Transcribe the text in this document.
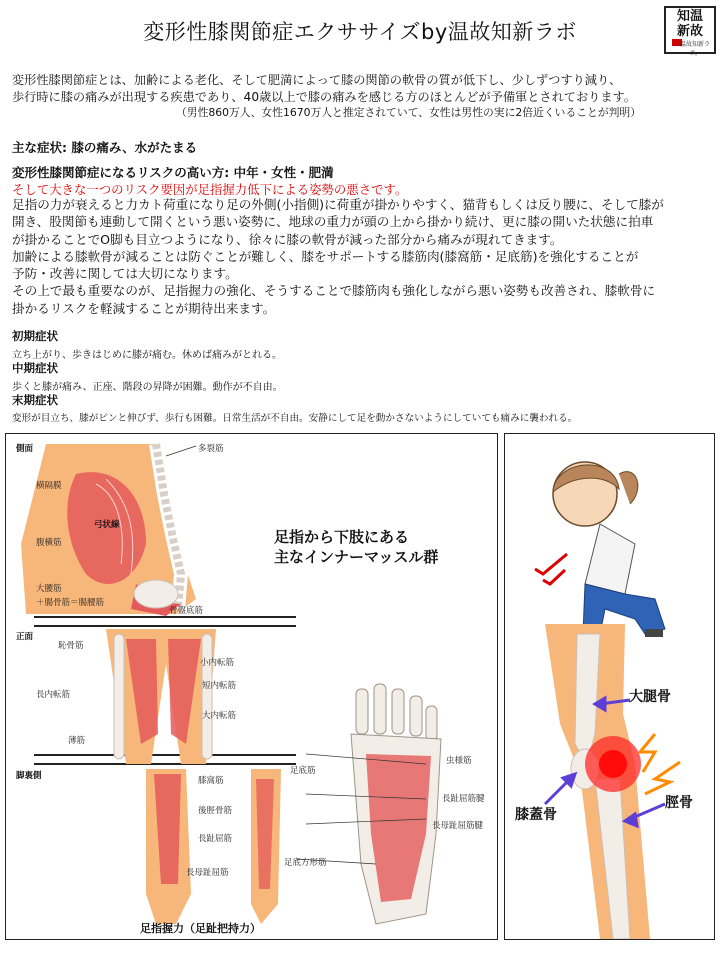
変形性膝関節症エクササイズby温故知新ラボ
知温
新故
温故知新ラボ。
変形性膝関節症とは、加齢による老化、そして肥満によって膝の関節の軟骨の質が低下し、少しずつすり減り、
歩行時に膝の痛みが出現する疾患であり、40歳以上で膝の痛みを感じる方のほとんどが予備軍とされております。
（男性860万人、女性1670万人と推定されていて、女性は男性の実に2倍近くいることが判明）
主な症状: 膝の痛み、水がたまる
変形性膝関節症になるリスクの高い方: 中年・女性・肥満
そして大きな一つのリスク要因が足指握力低下による姿勢の悪さです。
足指の力が衰えると力カト荷重になり足の外側(小指側)に荷重が掛かりやすく、猫背もしくは反り腰に、そして膝が
開き、股関節も連動して開くという悪い姿勢に、地球の重力が頭の上から掛かり続け、更に膝の開いた状態に拍車
が掛かることでO脚も目立つようになり、徐々に膝の軟骨が減った部分から痛みが現れてきます。
加齢による膝軟骨が減ることは防ぐことが難しく、膝をサポートする膝筋肉(膝窩筋・足底筋)を強化することが
予防・改善に関しては大切になります。
その上で最も重要なのが、足指握力の強化、そうすることで膝筋肉も強化しながら悪い姿勢も改善され、膝軟骨に
掛かるリスクを軽減することが期待出来ます。
初期症状
立ち上がり、歩きはじめに膝が痛む。休めば痛みがとれる。
中期症状
歩くと膝が痛み、正座、階段の昇降が困難。動作が不自由。
末期症状
変形が目立ち、膝がピンと伸びず、歩行も困難。日常生活が不自由。安静にして足を動かさないようにしていても痛みに襲われる。
側面
正面
脚裏側
多裂筋
横隔膜
弓状線
腹横筋
大腰筋
＋腸骨筋＝腸腰筋
骨盤底筋
足指から下肢にある
主なインナーマッスル群
恥骨筋
小内転筋
長内転筋
短内転筋
大内転筋
薄筋
膝窩筋
足底筋
後脛骨筋
長趾屈筋
長母趾屈筋
虫様筋
長趾屈筋腱
長母趾屈筋腱
足底方形筋
足指握力（足趾把持力）
大腿骨
膝蓋骨
脛骨
